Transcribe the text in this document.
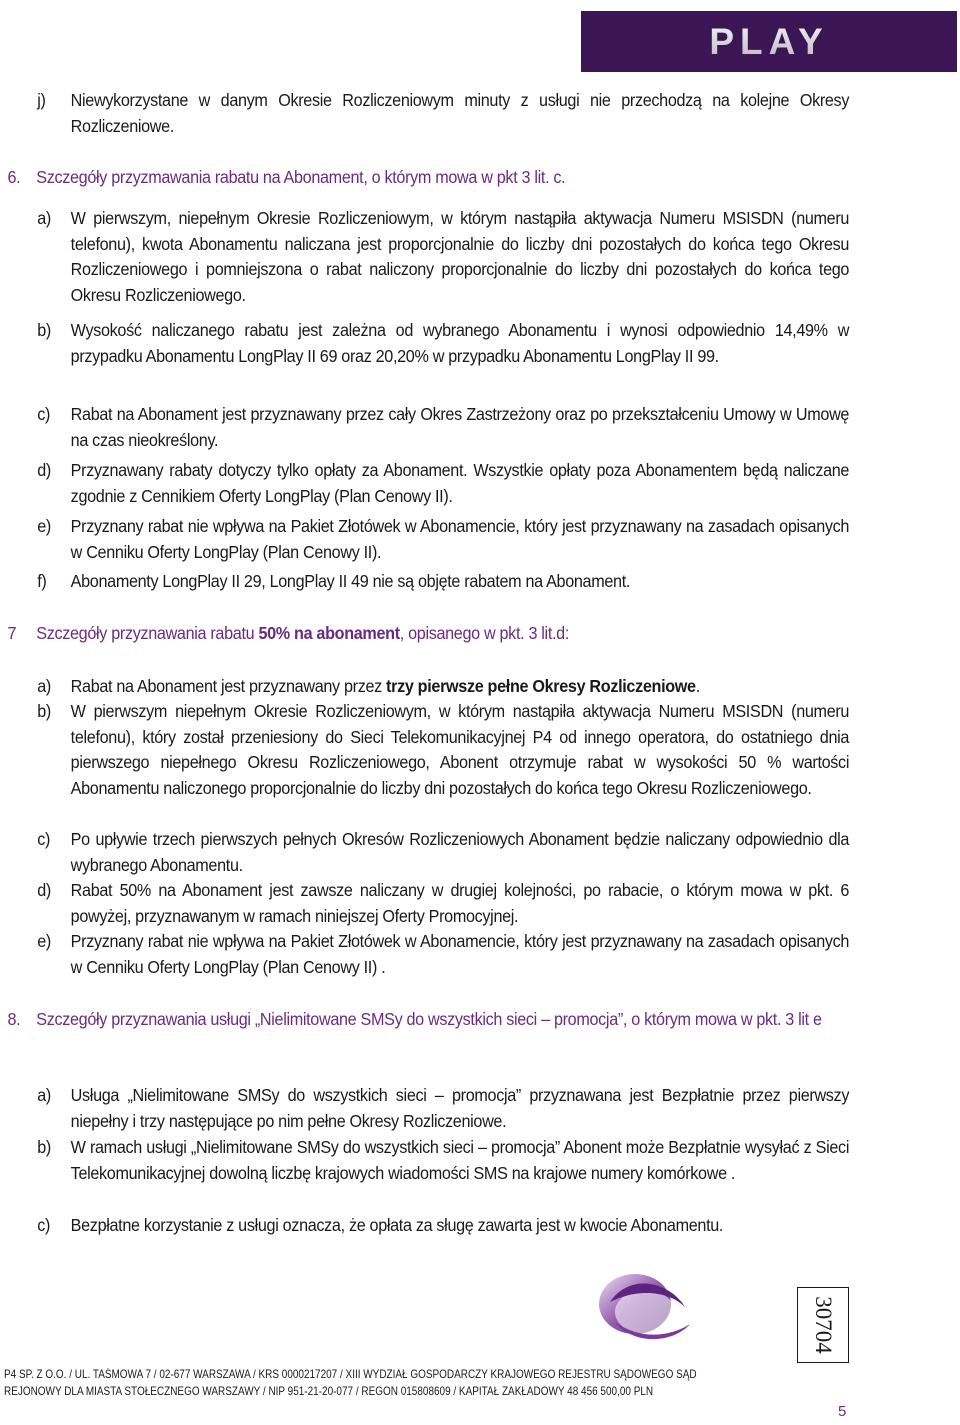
PLAY
j) Niewykorzystane w danym Okresie Rozliczeniowym minuty z usługi nie przechodzą na kolejne Okresy Rozliczeniowe.
6. Szczegóły przyzmawania rabatu na Abonament, o którym mowa w pkt 3 lit. c.
a) W pierwszym, niepełnym Okresie Rozliczeniowym, w którym nastąpiła aktywacja Numeru MSISDN (numeru telefonu), kwota Abonamentu naliczana jest proporcjonalnie do liczby dni pozostałych do końca tego Okresu Rozliczeniowego i pomniejszona o rabat naliczony proporcjonalnie do liczby dni pozostałych do końca tego Okresu Rozliczeniowego.
b) Wysokość naliczanego rabatu jest zależna od wybranego Abonamentu i wynosi odpowiednio 14,49% w przypadku Abonamentu LongPlay II 69 oraz 20,20% w przypadku Abonamentu LongPlay II 99.
c) Rabat na Abonament jest przyznawany przez cały Okres Zastrzeżony oraz po przekształceniu Umowy w Umowę na czas nieokreślony.
d) Przyznawany rabaty dotyczy tylko opłaty za Abonament. Wszystkie opłaty poza Abonamentem będą naliczane zgodnie z Cennikiem Oferty LongPlay (Plan Cenowy II).
e) Przyznany rabat nie wpływa na Pakiet Złotówek w Abonamencie, który jest przyznawany na zasadach opisanych w Cenniku Oferty LongPlay (Plan Cenowy II).
f) Abonamenty LongPlay II 29, LongPlay II 49 nie są objęte rabatem na Abonament.
7 Szczegóły przyznawania rabatu 50% na abonament, opisanego w pkt. 3 lit.d:
a) Rabat na Abonament jest przyznawany przez trzy pierwsze pełne Okresy Rozliczeniowe.
b) W pierwszym niepełnym Okresie Rozliczeniowym, w którym nastąpiła aktywacja Numeru MSISDN (numeru telefonu), który został przeniesiony do Sieci Telekomunikacyjnej P4 od innego operatora, do ostatniego dnia pierwszego niepełnego Okresu Rozliczeniowego, Abonent otrzymuje rabat w wysokości 50 % wartości Abonamentu naliczonego proporcjonalnie do liczby dni pozostałych do końca tego Okresu Rozliczeniowego.
c) Po upływie trzech pierwszych pełnych Okresów Rozliczeniowych Abonament będzie naliczany odpowiednio dla wybranego Abonamentu.
d) Rabat 50% na Abonament jest zawsze naliczany w drugiej kolejności, po rabacie, o którym mowa w pkt. 6 powyżej, przyznawanym w ramach niniejszej Oferty Promocyjnej.
e) Przyznany rabat nie wpływa na Pakiet Złotówek w Abonamencie, który jest przyznawany na zasadach opisanych w Cenniku Oferty LongPlay (Plan Cenowy II) .
8. Szczegóły przyznawania usługi „Nielimitowane SMSy do wszystkich sieci – promocja”, o którym mowa w pkt. 3 lit e
a) Usługa „Nielimitowane SMSy do wszystkich sieci – promocja” przyznawana jest Bezpłatnie przez pierwszy niepełny i trzy następujące po nim pełne Okresy Rozliczeniowe.
b) W ramach usługi „Nielimitowane SMSy do wszystkich sieci – promocja” Abonent może Bezpłatnie wysyłać z Sieci Telekomunikacyjnej dowolną liczbę krajowych wiadomości SMS na krajowe numery komórkowe .
c) Bezpłatne korzystanie z usługi oznacza, że opłata za sługę zawarta jest w kwocie Abonamentu.
30704
P4 SP. Z O.O. / UL. TAŚMOWA 7 / 02-677 WARSZAWA / KRS 0000217207 / XIII WYDZIAŁ GOSPODARCZY KRAJOWEGO REJESTRU SĄDOWEGO SĄD
REJONOWY DLA MIASTA STOŁECZNEGO WARSZAWY / NIP 951-21-20-077 / REGON 015808609 / KAPITAŁ ZAKŁADOWY 48 456 500,00 PLN
5
